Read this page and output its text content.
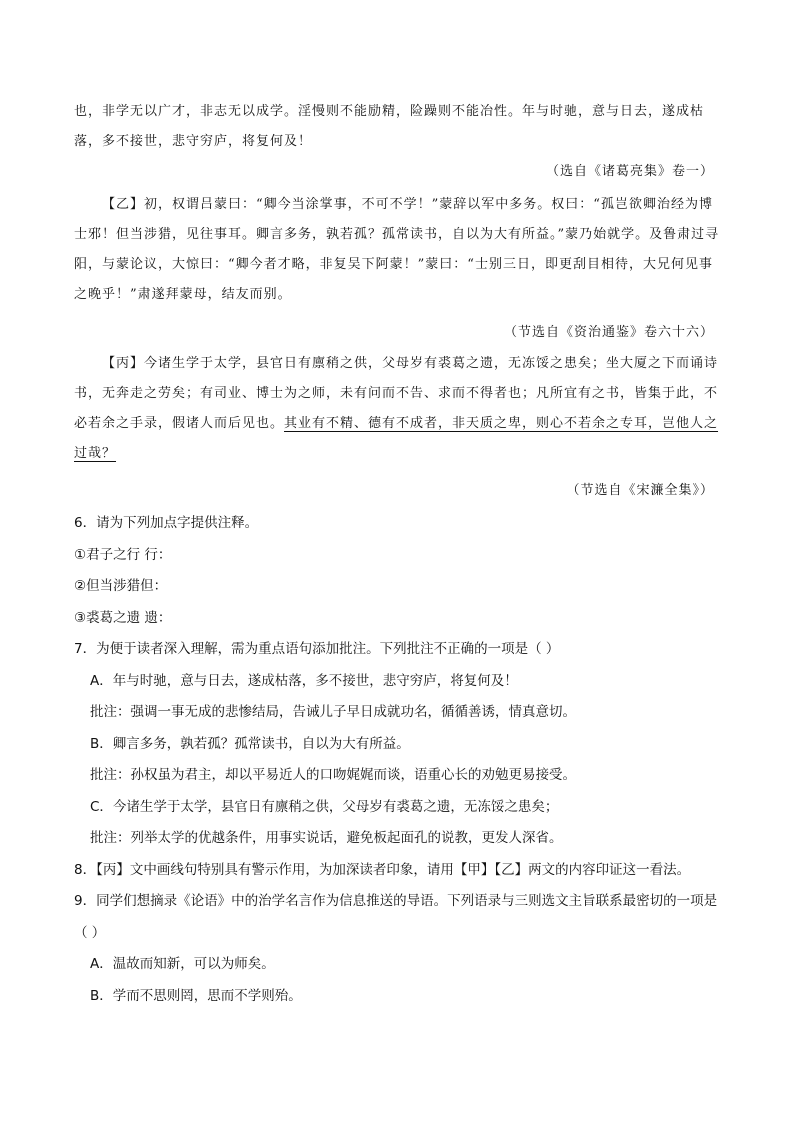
也，非学无以广才，非志无以成学。淫慢则不能励精，险躁则不能冶性。年与时驰，意与日去，遂成枯落，多不接世，悲守穷庐，将复何及！
（选自《诸葛亮集》卷一）
【乙】初，权谓吕蒙曰：“卿今当涂掌事，不可不学！”蒙辞以军中多务。权曰：“孤岂欲卿治经为博士邪！但当涉猎，见往事耳。卿言多务，孰若孤？孤常读书，自以为大有所益。”蒙乃始就学。及鲁肃过寻阳，与蒙论议，大惊曰：“卿今者才略，非复吴下阿蒙！”蒙曰：“士别三日，即更刮目相待，大兄何见事之晚乎！”肃遂拜蒙母，结友而别。
（节选自《资治通鉴》卷六十六）
【丙】今诸生学于太学，县官日有廪稍之供，父母岁有裘葛之遗，无冻馁之患矣；坐大厦之下而诵诗书，无奔走之劳矣；有司业、博士为之师，未有问而不告、求而不得者也；凡所宜有之书，皆集于此，不必若余之手录，假诸人而后见也。其业有不精、德有不成者，非天质之卑，则心不若余之专耳，岂他人之过哉？
（节选自《宋濂全集》）
6．请为下列加点字提供注释。
①君子之行 行：
②但当涉猎但：
③裘葛之遗 遗：
7．为便于读者深入理解，需为重点语句添加批注。下列批注不正确的一项是（ ）
A．年与时驰，意与日去，遂成枯落，多不接世，悲守穷庐，将复何及！
批注：强调一事无成的悲惨结局，告诫儿子早日成就功名，循循善诱，情真意切。
B．卿言多务，孰若孤？孤常读书，自以为大有所益。
批注：孙权虽为君主，却以平易近人的口吻娓娓而谈，语重心长的劝勉更易接受。
C．今诸生学于太学，县官日有廪稍之供，父母岁有裘葛之遗，无冻馁之患矣；
批注：列举太学的优越条件，用事实说话，避免板起面孔的说教，更发人深省。
8．【丙】文中画线句特别具有警示作用，为加深读者印象，请用【甲】【乙】两文的内容印证这一看法。
9．同学们想摘录《论语》中的治学名言作为信息推送的导语。下列语录与三则选文主旨联系最密切的一项是（ ）
A．温故而知新，可以为师矣。
B．学而不思则罔，思而不学则殆。
